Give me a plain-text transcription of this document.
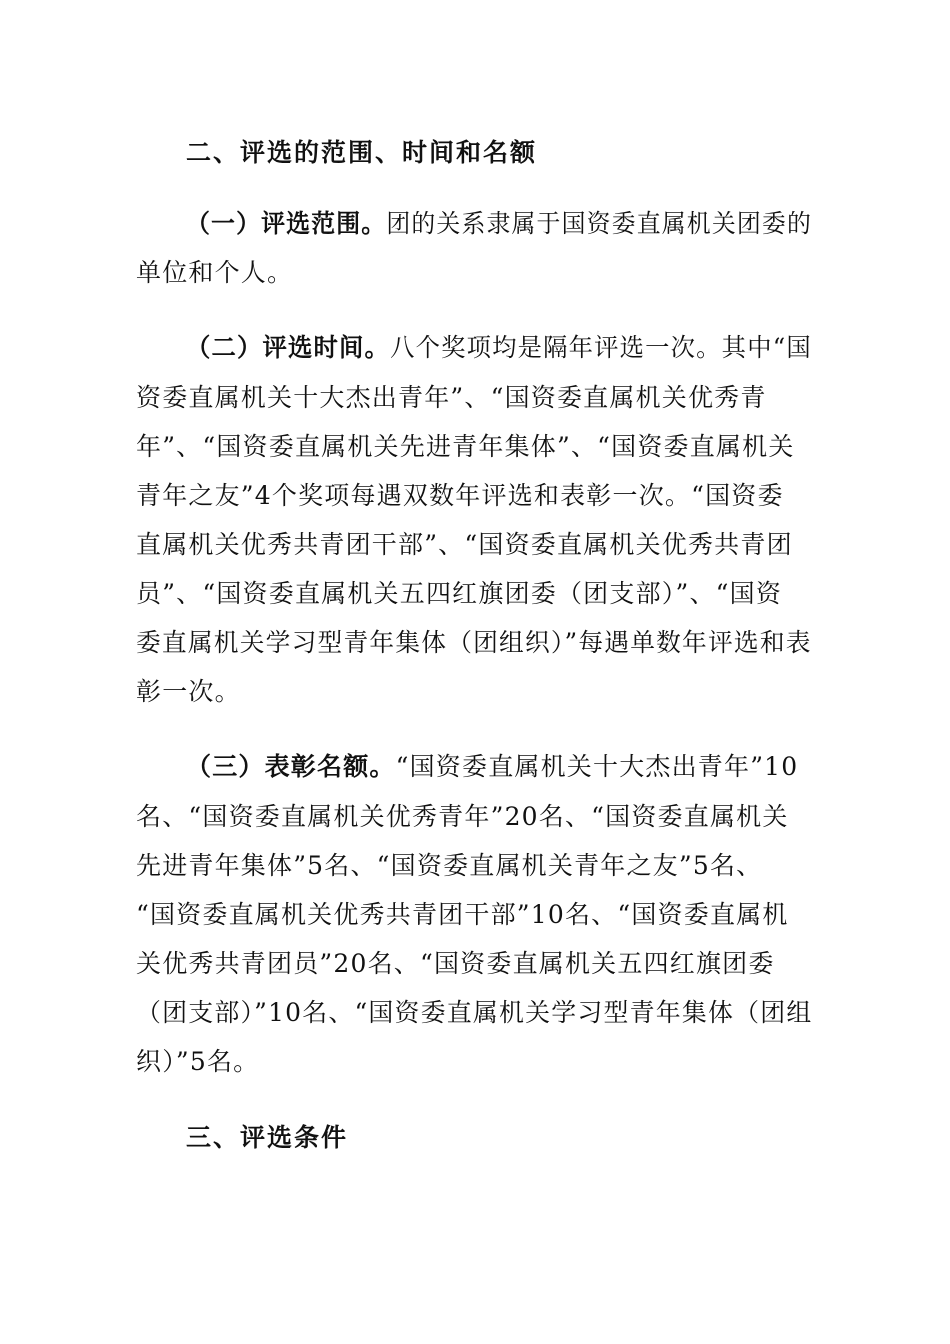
二、评选的范围、时间和名额
（一）评选范围。团的关系隶属于国资委直属机关团委的
单位和个人。
（二）评选时间。八个奖项均是隔年评选一次。其中“国
资委直属机关十大杰出青年”、“国资委直属机关优秀青
年”、“国资委直属机关先进青年集体”、“国资委直属机关
青年之友”4个奖项每遇双数年评选和表彰一次。“国资委
直属机关优秀共青团干部”、“国资委直属机关优秀共青团
员”、“国资委直属机关五四红旗团委（团支部）”、“国资
委直属机关学习型青年集体（团组织）”每遇单数年评选和表
彰一次。
（三）表彰名额。“国资委直属机关十大杰出青年”10
名、“国资委直属机关优秀青年”20名、“国资委直属机关
先进青年集体”5名、“国资委直属机关青年之友”5名、
“国资委直属机关优秀共青团干部”10名、“国资委直属机
关优秀共青团员”20名、“国资委直属机关五四红旗团委
（团支部）”10名、“国资委直属机关学习型青年集体（团组
织）”5名。
三、评选条件
